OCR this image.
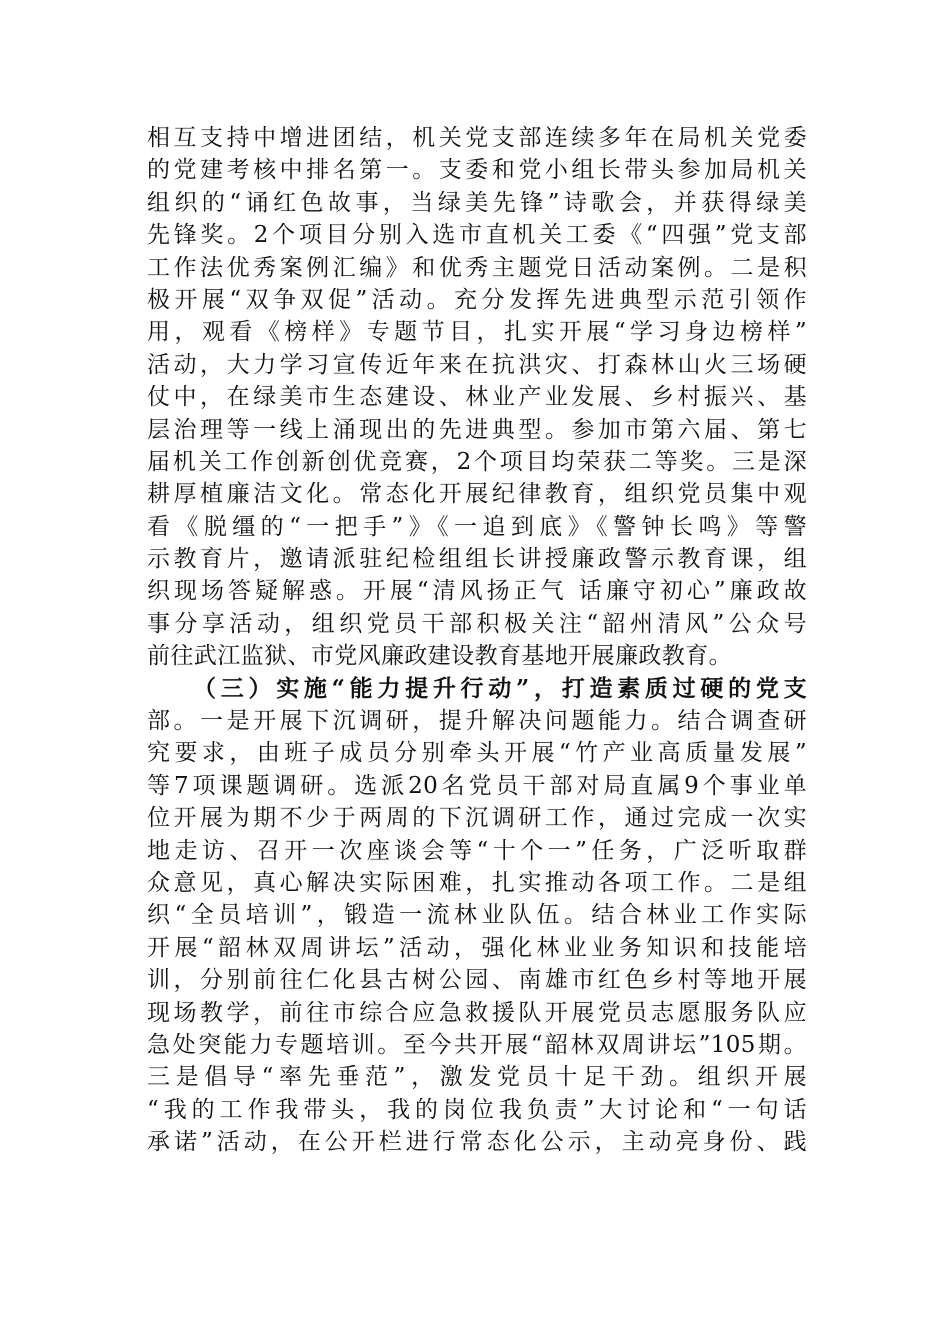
相互支持中增进团结，机关党支部连续多年在局机关党委
的党建考核中排名第一。支委和党小组长带头参加局机关
组织的“诵红色故事，当绿美先锋”诗歌会，并获得绿美
先锋奖。2个项目分别入选市直机关工委《“四强”党支部
工作法优秀案例汇编》和优秀主题党日活动案例。二是积
极开展“双争双促”活动。充分发挥先进典型示范引领作
用，观看《榜样》专题节目，扎实开展“学习身边榜样”
活动，大力学习宣传近年来在抗洪灾、打森林山火三场硬
仗中，在绿美市生态建设、林业产业发展、乡村振兴、基
层治理等一线上涌现出的先进典型。参加市第六届、第七
届机关工作创新创优竞赛，2个项目均荣获二等奖。三是深
耕厚植廉洁文化。常态化开展纪律教育，组织党员集中观
看《脱缰的“一把手”》《一追到底》《警钟长鸣》等警
示教育片，邀请派驻纪检组组长讲授廉政警示教育课，组
织现场答疑解惑。开展“清风扬正气 话廉守初心”廉政故
事分享活动，组织党员干部积极关注“韶州清风”公众号
前往武江监狱、市党风廉政建设教育基地开展廉政教育。
（三）实施“能力提升行动”，打造素质过硬的党支
部。一是开展下沉调研，提升解决问题能力。结合调查研
究要求，由班子成员分别牵头开展“竹产业高质量发展”
等7项课题调研。选派20名党员干部对局直属9个事业单
位开展为期不少于两周的下沉调研工作，通过完成一次实
地走访、召开一次座谈会等“十个一”任务，广泛听取群
众意见，真心解决实际困难，扎实推动各项工作。二是组
织“全员培训”，锻造一流林业队伍。结合林业工作实际
开展“韶林双周讲坛”活动，强化林业业务知识和技能培
训，分别前往仁化县古树公园、南雄市红色乡村等地开展
现场教学，前往市综合应急救援队开展党员志愿服务队应
急处突能力专题培训。至今共开展“韶林双周讲坛”105期。
三是倡导“率先垂范”，激发党员十足干劲。组织开展
“我的工作我带头，我的岗位我负责”大讨论和“一句话
承诺”活动，在公开栏进行常态化公示，主动亮身份、践
